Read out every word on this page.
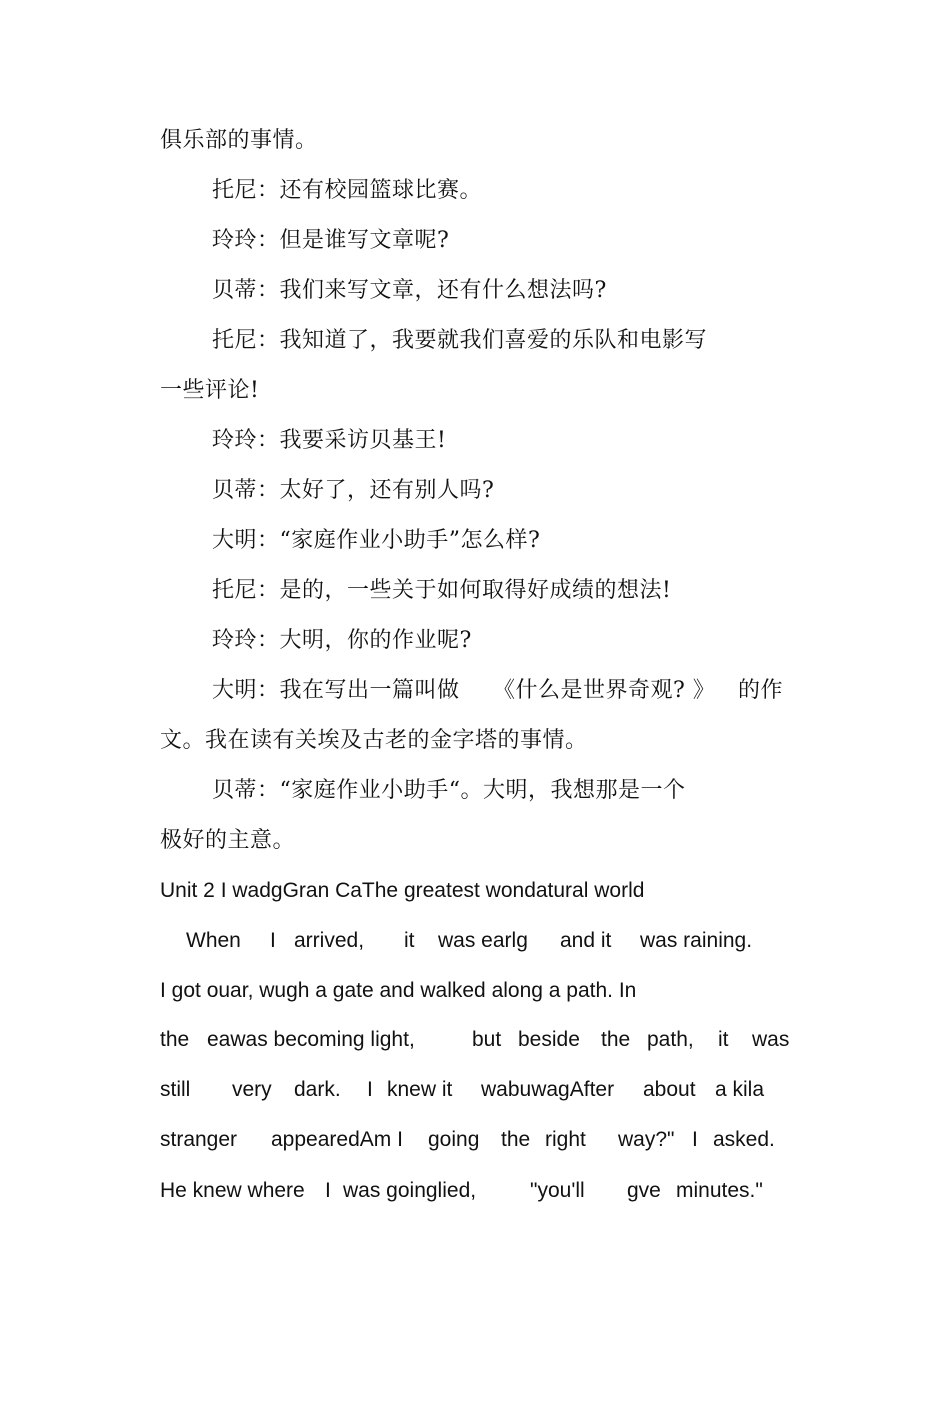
俱乐部的事情。

托尼：还有校园篮球比赛。

玲玲：但是谁写文章呢?

贝蒂：我们来写文章，还有什么想法吗?

托尼：我知道了，我要就我们喜爱的乐队和电影写

一些评论!

玲玲：我要采访贝基王!

贝蒂：太好了，还有别人吗?

大明：“家庭作业小助手”怎么样?

托尼：是的，一些关于如何取得好成绩的想法!

玲玲：大明，你的作业呢?

大明：我在写出一篇叫做

《什么是世界奇观? 》

的作

文。我在读有关埃及古老的金字塔的事情。

贝蒂：“家庭作业小助手“。大明，我想那是一个

极好的主意。

Unit 2 I wadgGran CaThe greatest wondatural world

When

I

arrived,

it

was earlg

and it

was raining.

I got ouar, wugh a gate and walked along a path. In

the

eawas becoming light,

	but

beside

the

path,

it

was

still

very

dark.

I

knew it

wabuwagAfter

about

a kila

stranger

appearedAm I

going

the

right

way?"

I

asked.

He knew where

I

was goinglied,

	"you'll

gve

minutes."
